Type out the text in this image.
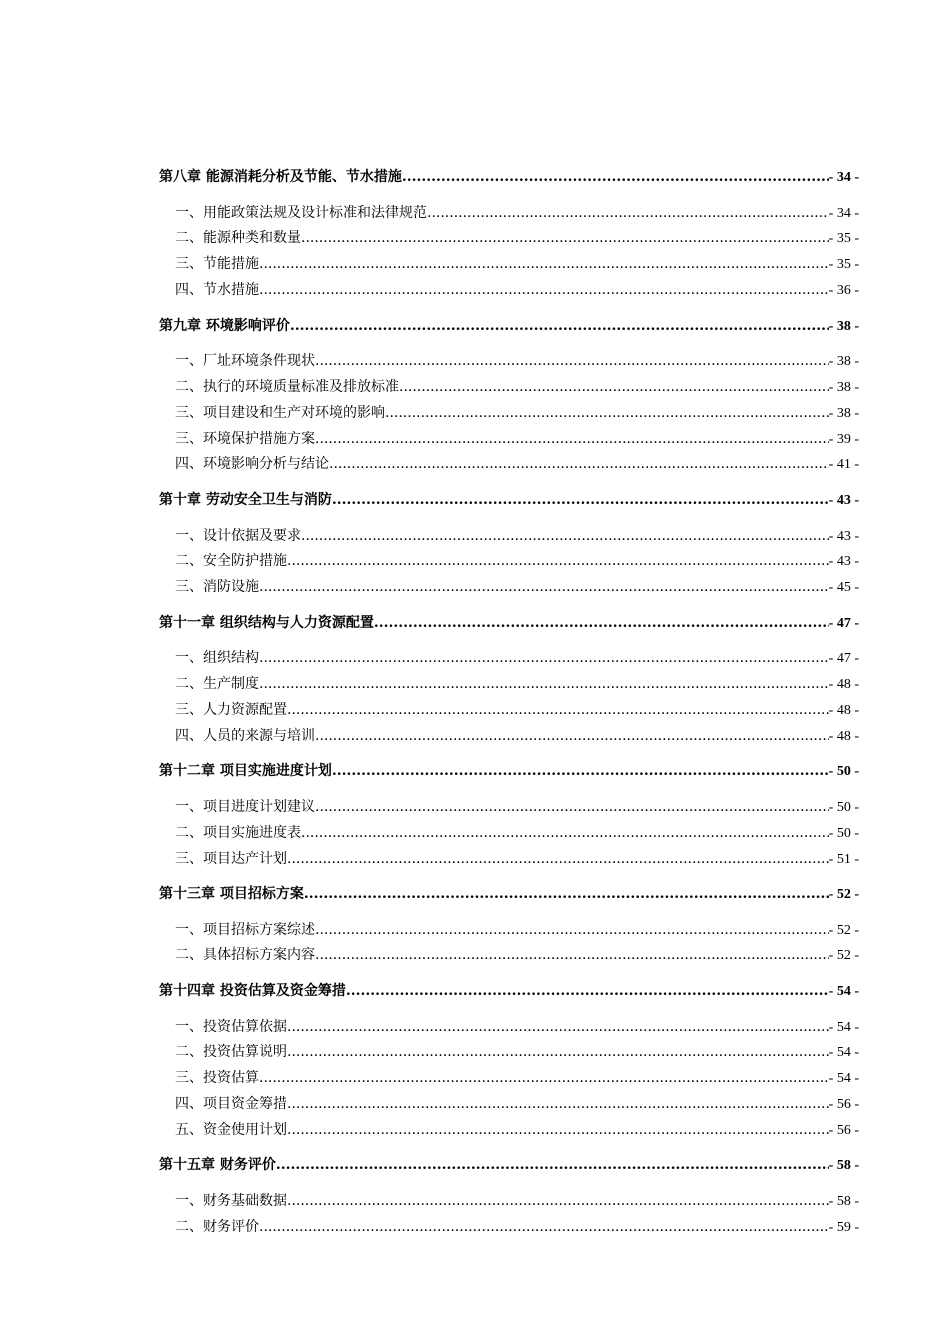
第八章 能源消耗分析及节能、节水措施 .....	- 34 -
一、用能政策法规及设计标准和法律规范 .....	- 34 -
二、能源种类和数量 .....	- 35 -
三、节能措施 .....	- 35 -
四、节水措施 .....	- 36 -
第九章 环境影响评价 .....	- 38 -
一、厂址环境条件现状 .....	- 38 -
二、执行的环境质量标准及排放标准 .....	- 38 -
三、项目建设和生产对环境的影响 .....	- 38 -
三、环境保护措施方案 .....	- 39 -
四、环境影响分析与结论 .....	- 41 -
第十章 劳动安全卫生与消防 .....	- 43 -
一、设计依据及要求 .....	- 43 -
二、安全防护措施 .....	- 43 -
三、消防设施 .....	- 45 -
第十一章 组织结构与人力资源配置 .....	- 47 -
一、组织结构 .....	- 47 -
二、生产制度 .....	- 48 -
三、人力资源配置 .....	- 48 -
四、人员的来源与培训 .....	- 48 -
第十二章 项目实施进度计划 .....	- 50 -
一、项目进度计划建议 .....	- 50 -
二、项目实施进度表 .....	- 50 -
三、项目达产计划 .....	- 51 -
第十三章 项目招标方案 .....	- 52 -
一、项目招标方案综述 .....	- 52 -
二、具体招标方案内容 .....	- 52 -
第十四章 投资估算及资金筹措 .....	- 54 -
一、投资估算依据 .....	- 54 -
二、投资估算说明 .....	- 54 -
三、投资估算 .....	- 54 -
四、项目资金筹措 .....	- 56 -
五、资金使用计划 .....	- 56 -
第十五章 财务评价 .....	- 58 -
一、财务基础数据 .....	- 58 -
二、财务评价 .....	- 59 -
